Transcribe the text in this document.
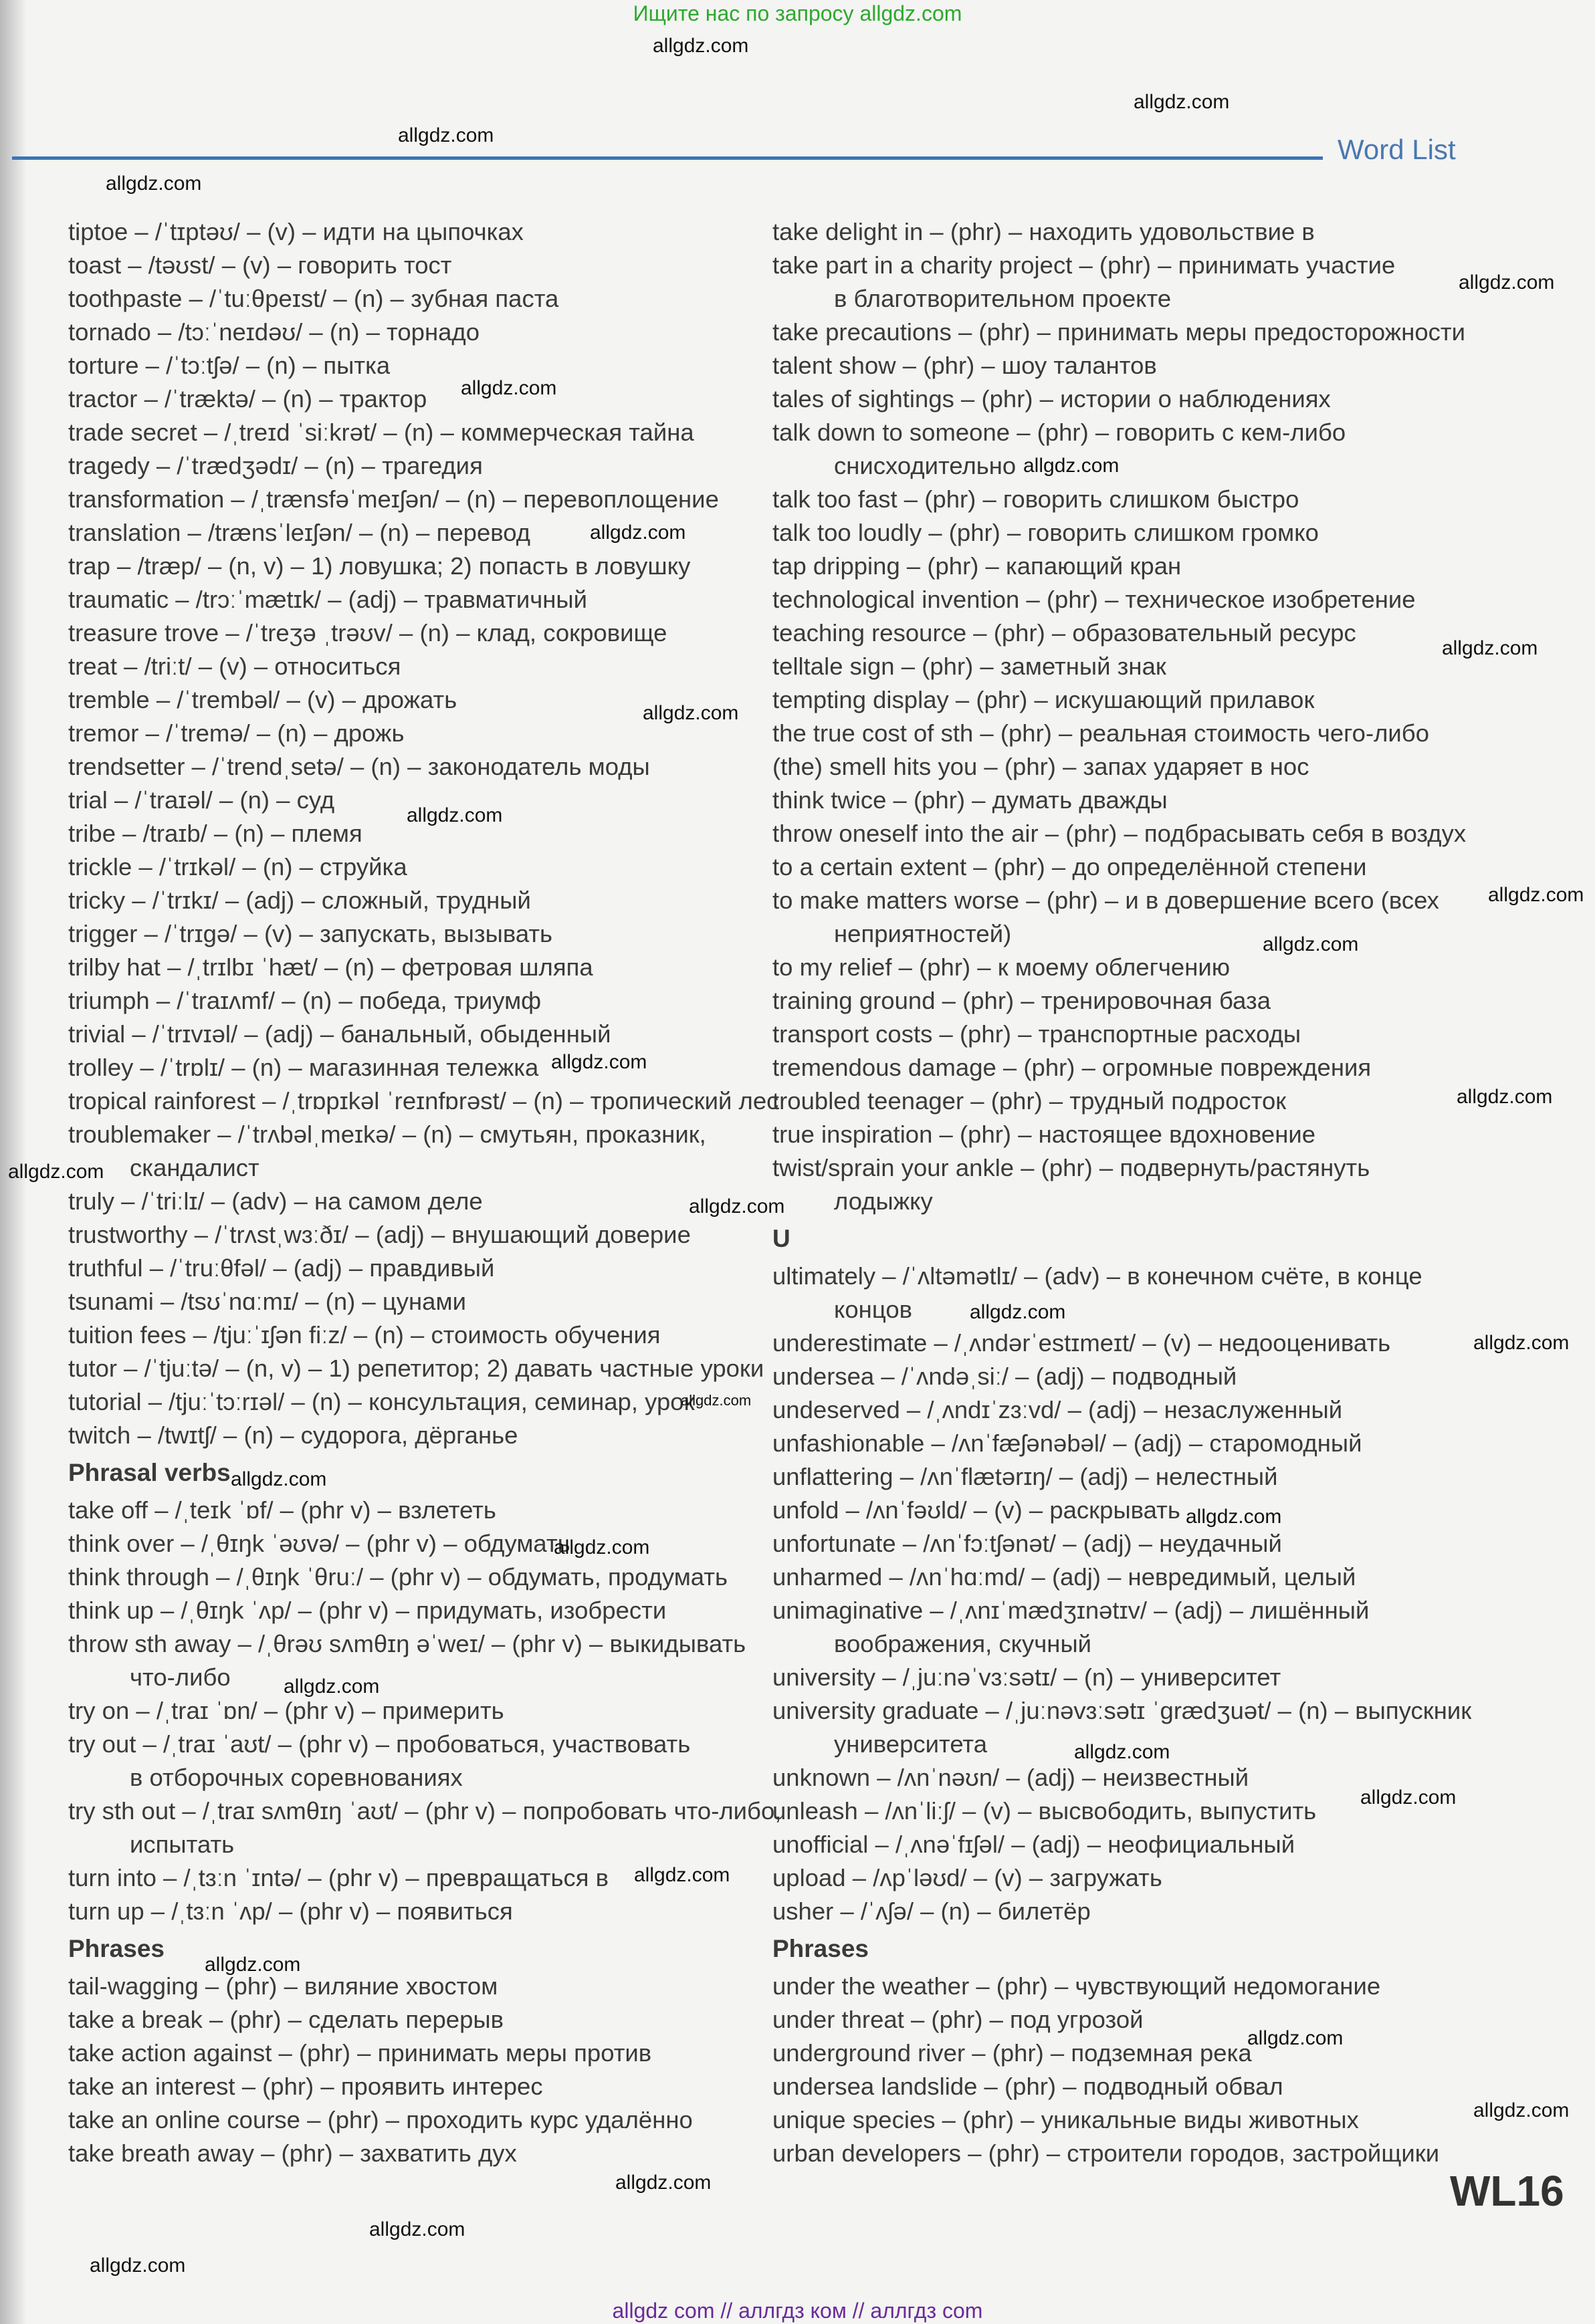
Ищите нас по запросу allgdz.com
Word List
tiptoe – /ˈtɪptəʊ/ – (v) – идти на цыпочках
toast – /təʊst/ – (v) – говорить тост
toothpaste – /ˈtuːθpeɪst/ – (n) – зубная паста
tornado – /tɔːˈneɪdəʊ/ – (n) – торнадо
torture – /ˈtɔːtʃə/ – (n) – пытка
tractor – /ˈtræktə/ – (n) – трактор
trade secret – /ˌtreɪd ˈsiːkrət/ – (n) – коммерческая тайна
tragedy – /ˈtrædʒədɪ/ – (n) – трагедия
transformation – /ˌtrænsfəˈmeɪʃən/ – (n) – перевоплощение
translation – /trænsˈleɪʃən/ – (n) – перевод
trap – /træp/ – (n, v) – 1) ловушка; 2) попасть в ловушку
traumatic – /trɔːˈmætɪk/ – (adj) – травматичный
treasure trove – /ˈtreʒə ˌtrəʊv/ – (n) – клад, сокровище
treat – /triːt/ – (v) – относиться
tremble – /ˈtrembəl/ – (v) – дрожать
tremor – /ˈtremə/ – (n) – дрожь
trendsetter – /ˈtrendˌsetə/ – (n) – законодатель моды
trial – /ˈtraɪəl/ – (n) – суд
tribe – /traɪb/ – (n) – племя
trickle – /ˈtrɪkəl/ – (n) – струйка
tricky – /ˈtrɪkɪ/ – (adj) – сложный, трудный
trigger – /ˈtrɪgə/ – (v) – запускать, вызывать
trilby hat – /ˌtrɪlbɪ ˈhæt/ – (n) – фетровая шляпа
triumph – /ˈtraɪʌmf/ – (n) – победа, триумф
trivial – /ˈtrɪvɪəl/ – (adj) – банальный, обыденный
trolley – /ˈtrɒlɪ/ – (n) – магазинная тележка
tropical rainforest – /ˌtrɒpɪkəl ˈreɪnfɒrəst/ – (n) – тропический лес
troublemaker – /ˈtrʌbəlˌmeɪkə/ – (n) – смутьян, проказник,
скандалист
truly – /ˈtriːlɪ/ – (adv) – на самом деле
trustworthy – /ˈtrʌstˌwɜːðɪ/ – (adj) – внушающий доверие
truthful – /ˈtruːθfəl/ – (adj) – правдивый
tsunami – /tsʊˈnɑːmɪ/ – (n) – цунами
tuition fees – /tjuːˈɪʃən fiːz/ – (n) – стоимость обучения
tutor – /ˈtjuːtə/ – (n, v) – 1) репетитор; 2) давать частные уроки
tutorial – /tjuːˈtɔːrɪəl/ – (n) – консультация, семинар, урок
twitch – /twɪtʃ/ – (n) – судорога, дёрганье
Phrasal verbs
take off – /ˌteɪk ˈɒf/ – (phr v) – взлететь
think over – /ˌθɪŋk ˈəʊvə/ – (phr v) – обдумать
think through – /ˌθɪŋk ˈθruː/ – (phr v) – обдумать, продумать
think up – /ˌθɪŋk ˈʌp/ – (phr v) – придумать, изобрести
throw sth away – /ˌθrəʊ sʌmθɪŋ əˈweɪ/ – (phr v) – выкидывать
что-либо
try on – /ˌtraɪ ˈɒn/ – (phr v) – примерить
try out – /ˌtraɪ ˈaʊt/ – (phr v) – пробоваться, участвовать
в отборочных соревнованиях
try sth out – /ˌtraɪ sʌmθɪŋ ˈaʊt/ – (phr v) – попробовать что-либо,
испытать
turn into – /ˌtɜːn ˈɪntə/ – (phr v) – превращаться в
turn up – /ˌtɜːn ˈʌp/ – (phr v) – появиться
Phrases
tail-wagging – (phr) – виляние хвостом
take a break – (phr) – сделать перерыв
take action against – (phr) – принимать меры против
take an interest – (phr) – проявить интерес
take an online course – (phr) – проходить курс удалённо
take breath away – (phr) – захватить дух
take delight in – (phr) – находить удовольствие в
take part in a charity project – (phr) – принимать участие
в благотворительном проекте
take precautions – (phr) – принимать меры предосторожности
talent show – (phr) – шоу талантов
tales of sightings – (phr) – истории о наблюдениях
talk down to someone – (phr) – говорить с кем-либо
снисходительно
talk too fast – (phr) – говорить слишком быстро
talk too loudly – (phr) – говорить слишком громко
tap dripping – (phr) – капающий кран
technological invention – (phr) – техническое изобретение
teaching resource – (phr) – образовательный ресурс
telltale sign – (phr) – заметный знак
tempting display – (phr) – искушающий прилавок
the true cost of sth – (phr) – реальная стоимость чего-либо
(the) smell hits you – (phr) – запах ударяет в нос
think twice – (phr) – думать дважды
throw oneself into the air – (phr) – подбрасывать себя в воздух
to a certain extent – (phr) – до определённой степени
to make matters worse – (phr) – и в довершение всего (всех
неприятностей)
to my relief – (phr) – к моему облегчению
training ground – (phr) – тренировочная база
transport costs – (phr) – транспортные расходы
tremendous damage – (phr) – огромные повреждения
troubled teenager – (phr) – трудный подросток
true inspiration – (phr) – настоящее вдохновение
twist/sprain your ankle – (phr) – подвернуть/растянуть
лодыжку
U
ultimately – /ˈʌltəmətlɪ/ – (adv) – в конечном счёте, в конце
концов
underestimate – /ˌʌndərˈestɪmeɪt/ – (v) – недооценивать
undersea – /ˈʌndəˌsiː/ – (adj) – подводный
undeserved – /ˌʌndɪˈzɜːvd/ – (adj) – незаслуженный
unfashionable – /ʌnˈfæʃənəbəl/ – (adj) – старомодный
unflattering – /ʌnˈflætərɪŋ/ – (adj) – нелестный
unfold – /ʌnˈfəʊld/ – (v) – раскрывать
unfortunate – /ʌnˈfɔːtʃənət/ – (adj) – неудачный
unharmed – /ʌnˈhɑːmd/ – (adj) – невредимый, целый
unimaginative – /ˌʌnɪˈmædʒɪnətɪv/ – (adj) – лишённый
воображения, скучный
university – /ˌjuːnəˈvɜːsətɪ/ – (n) – университет
university graduate – /ˌjuːnəvɜːsətɪ ˈgrædʒuət/ – (n) – выпускник
университета
unknown – /ʌnˈnəʊn/ – (adj) – неизвестный
unleash – /ʌnˈliːʃ/ – (v) – высвободить, выпустить
unofficial – /ˌʌnəˈfɪʃəl/ – (adj) – неофициальный
upload – /ʌpˈləʊd/ – (v) – загружать
usher – /ˈʌʃə/ – (n) – билетёр
Phrases
under the weather – (phr) – чувствующий недомогание
under threat – (phr) – под угрозой
underground river – (phr) – подземная река
undersea landslide – (phr) – подводный обвал
unique species – (phr) – уникальные виды животных
urban developers – (phr) – строители городов, застройщики
WL16
allgdz.com
allgdz.com
allgdz.com
allgdz.com
allgdz.com
allgdz.com
allgdz.com
allgdz.com
allgdz.com
allgdz.com
allgdz.com
allgdz.com
allgdz.com
allgdz.com
allgdz.com
allgdz.com
allgdz.com
allgdz.com
allgdz.com
allgdz.com
allgdz.com
allgdz.com
allgdz.com
allgdz.com
allgdz.com
allgdz.com
allgdz.com
allgdz.com
allgdz.com
allgdz.com
allgdz.com
allgdz.com
allgdz.com
allgdz com // аллгдз ком // аллгдз com
